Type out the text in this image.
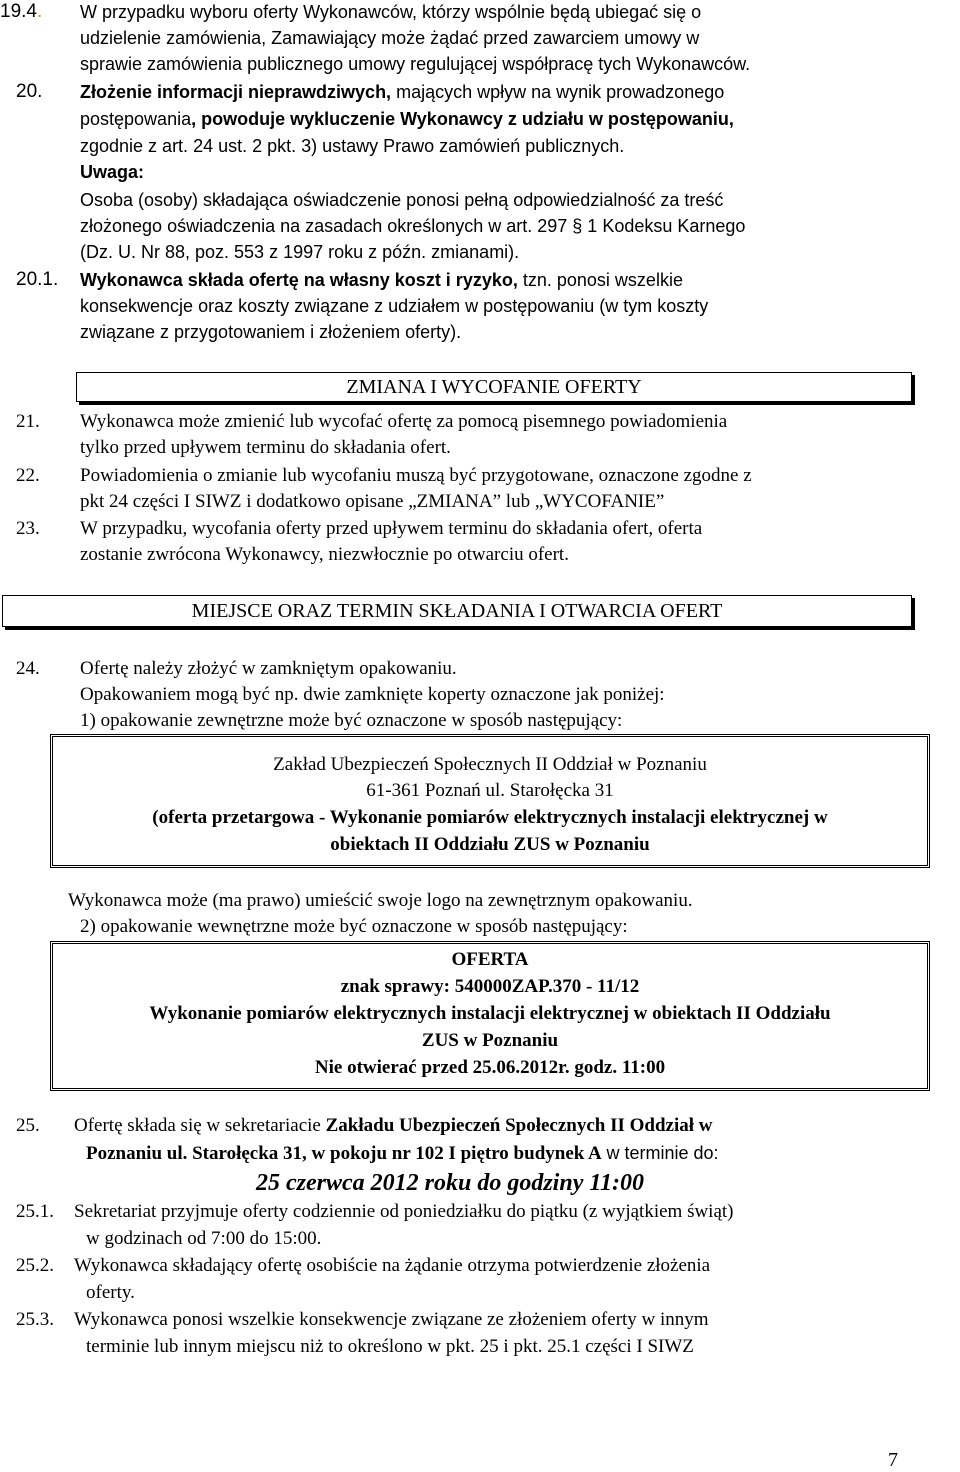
19.4. W przypadku wyboru oferty Wykonawców, którzy wspólnie będą ubiegać się o
udzielenie zamówienia, Zamawiający może żądać przed zawarciem umowy w
sprawie zamówienia publicznego umowy regulującej współpracę tych Wykonawców.
20. Złożenie informacji nieprawdziwych, mających wpływ na wynik prowadzonego
postępowania, powoduje wykluczenie Wykonawcy z udziału w postępowaniu,
zgodnie z art. 24 ust. 2 pkt. 3) ustawy Prawo zamówień publicznych.
Uwaga:
Osoba (osoby) składająca oświadczenie ponosi pełną odpowiedzialność za treść
złożonego oświadczenia na zasadach określonych w art. 297 § 1 Kodeksu Karnego
(Dz. U. Nr 88, poz. 553 z 1997 roku z późn. zmianami).
20.1. Wykonawca składa ofertę na własny koszt i ryzyko, tzn. ponosi wszelkie
konsekwencje oraz koszty związane z udziałem w postępowaniu (w tym koszty
związane z przygotowaniem i złożeniem oferty).
ZMIANA I WYCOFANIE OFERTY
21. Wykonawca może zmienić lub wycofać ofertę za pomocą pisemnego powiadomienia
tylko przed upływem terminu do składania ofert.
22. Powiadomienia o zmianie lub wycofaniu muszą być przygotowane, oznaczone zgodne z
pkt 24 części I SIWZ i dodatkowo opisane „ZMIANA” lub „WYCOFANIE”
23. W przypadku, wycofania oferty przed upływem terminu do składania ofert, oferta
zostanie zwrócona Wykonawcy, niezwłocznie po otwarciu ofert.
MIEJSCE ORAZ TERMIN SKŁADANIA I OTWARCIA OFERT
24. Ofertę należy złożyć w zamkniętym opakowaniu.
Opakowaniem mogą być np. dwie zamknięte koperty oznaczone jak poniżej:
1) opakowanie zewnętrzne może być oznaczone w sposób następujący:
Zakład Ubezpieczeń Społecznych II Oddział w Poznaniu
61-361 Poznań ul. Starołęcka 31
(oferta przetargowa - Wykonanie pomiarów elektrycznych instalacji elektrycznej w
obiektach II Oddziału ZUS w Poznaniu
Wykonawca może (ma prawo) umieścić swoje logo na zewnętrznym opakowaniu.
2) opakowanie wewnętrzne może być oznaczone w sposób następujący:
OFERTA
znak sprawy: 540000ZAP.370 - 11/12
Wykonanie pomiarów elektrycznych instalacji elektrycznej w obiektach II Oddziału
ZUS w Poznaniu
Nie otwierać przed 25.06.2012r. godz. 11:00
25. Ofertę składa się w sekretariacie Zakładu Ubezpieczeń Społecznych II Oddział w
Poznaniu ul. Starołęcka 31, w pokoju nr 102 I piętro budynek A w terminie do:
25 czerwca 2012 roku do godziny 11:00
25.1. Sekretariat przyjmuje oferty codziennie od poniedziałku do piątku (z wyjątkiem świąt)
w godzinach od 7:00 do 15:00.
25.2. Wykonawca składający ofertę osobiście na żądanie otrzyma potwierdzenie złożenia
oferty.
25.3. Wykonawca ponosi wszelkie konsekwencje związane ze złożeniem oferty w innym
terminie lub innym miejscu niż to określono w pkt. 25 i pkt. 25.1 części I SIWZ
7
